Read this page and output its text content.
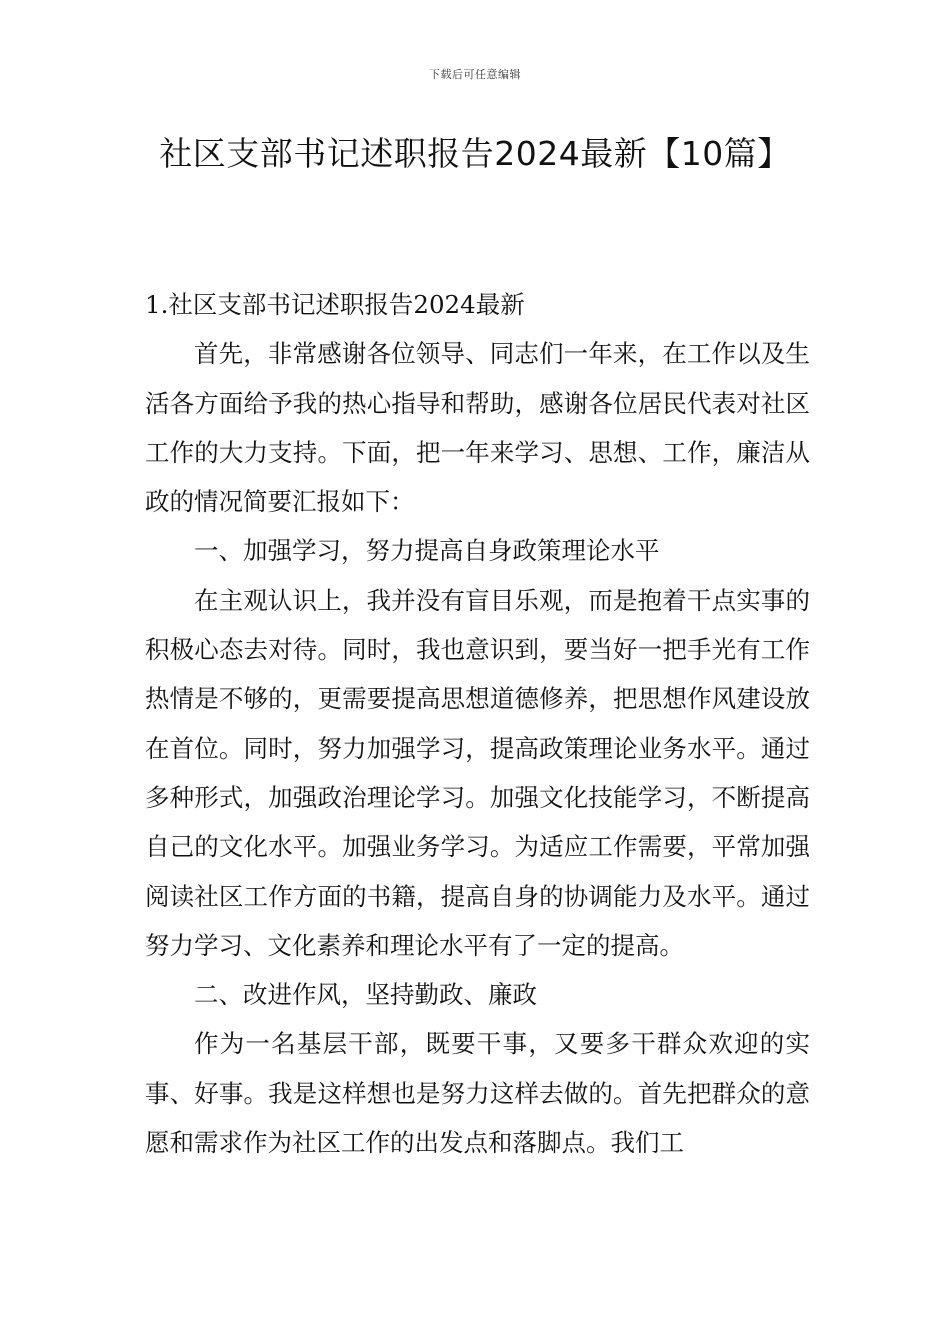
下载后可任意编辑
社区支部书记述职报告2024最新【10篇】

1.社区支部书记述职报告2024最新

首先，非常感谢各位领导、同志们一年来，在工作以及生活各方面给予我的热心指导和帮助，感谢各位居民代表对社区工作的大力支持。下面，把一年来学习、思想、工作，廉洁从政的情况简要汇报如下：

一、加强学习，努力提高自身政策理论水平

在主观认识上，我并没有盲目乐观，而是抱着干点实事的积极心态去对待。同时，我也意识到，要当好一把手光有工作热情是不够的，更需要提高思想道德修养，把思想作风建设放在首位。同时，努力加强学习，提高政策理论业务水平。通过多种形式，加强政治理论学习。加强文化技能学习，不断提高自己的文化水平。加强业务学习。为适应工作需要，平常加强阅读社区工作方面的书籍，提高自身的协调能力及水平。通过努力学习、文化素养和理论水平有了一定的提高。

二、改进作风，坚持勤政、廉政

作为一名基层干部，既要干事，又要多干群众欢迎的实事、好事。我是这样想也是努力这样去做的。首先把群众的意愿和需求作为社区工作的出发点和落脚点。我们工
